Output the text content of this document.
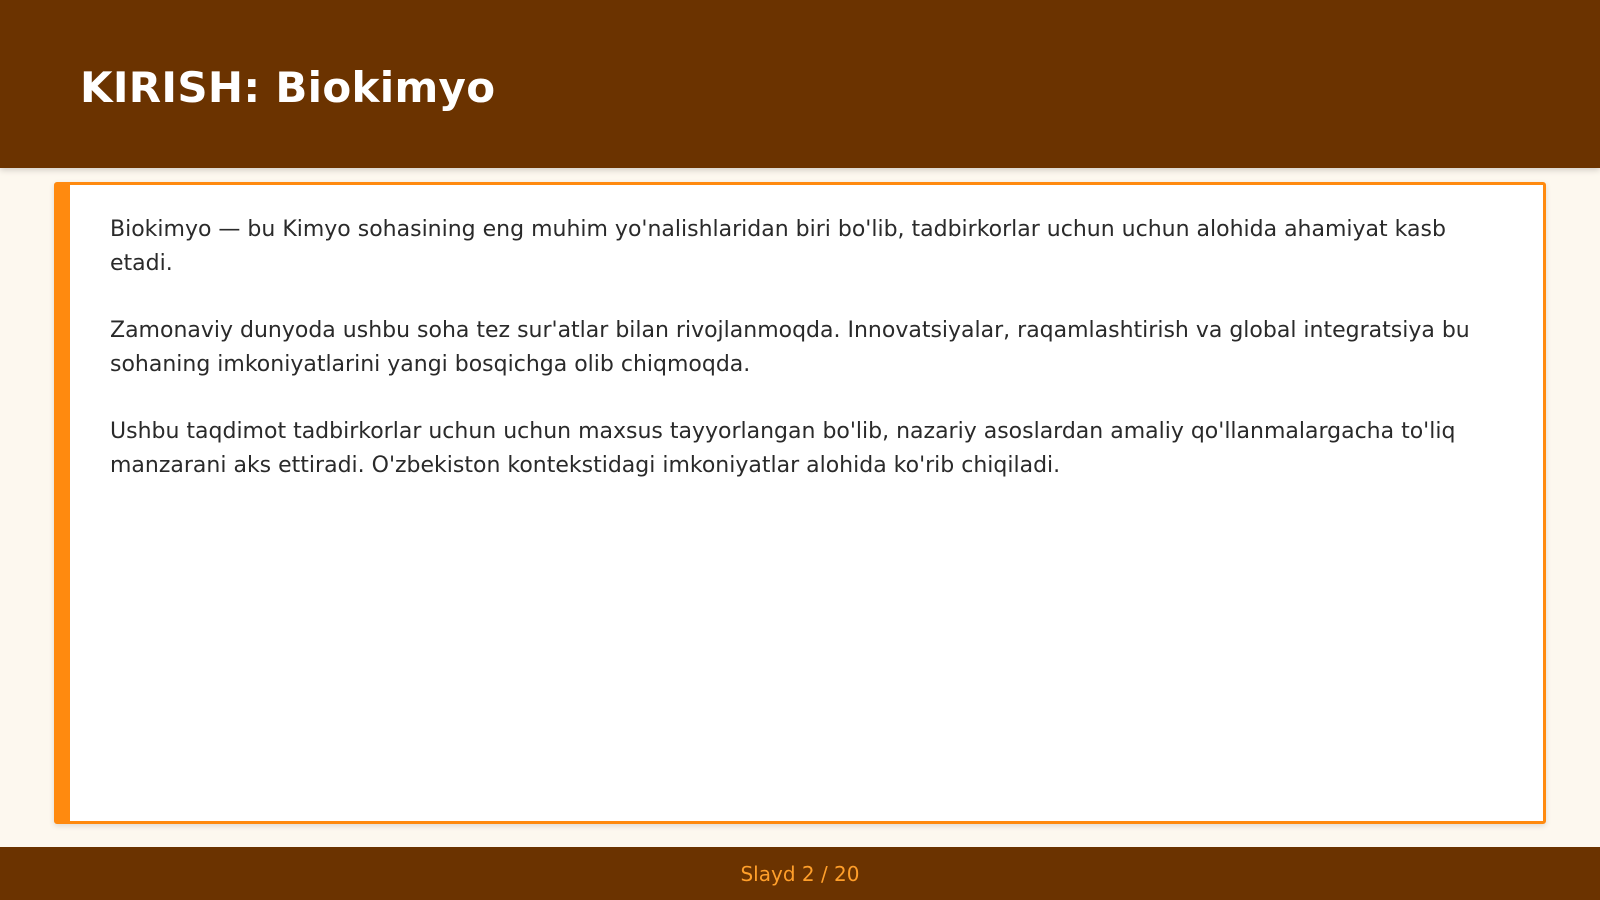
KIRISH: Biokimyo

Biokimyo — bu Kimyo sohasining eng muhim yo'nalishlaridan biri bo'lib, tadbirkorlar uchun uchun alohida ahamiyat kasb etadi.

Zamonaviy dunyoda ushbu soha tez sur'atlar bilan rivojlanmoqda. Innovatsiyalar, raqamlashtirish va global integratsiya bu sohaning imkoniyatlarini yangi bosqichga olib chiqmoqda.

Ushbu taqdimot tadbirkorlar uchun uchun maxsus tayyorlangan bo'lib, nazariy asoslardan amaliy qo'llanmalargacha to'liq manzarani aks ettiradi. O'zbekiston kontekstidagi imkoniyatlar alohida ko'rib chiqiladi.

Slayd 2 / 20
